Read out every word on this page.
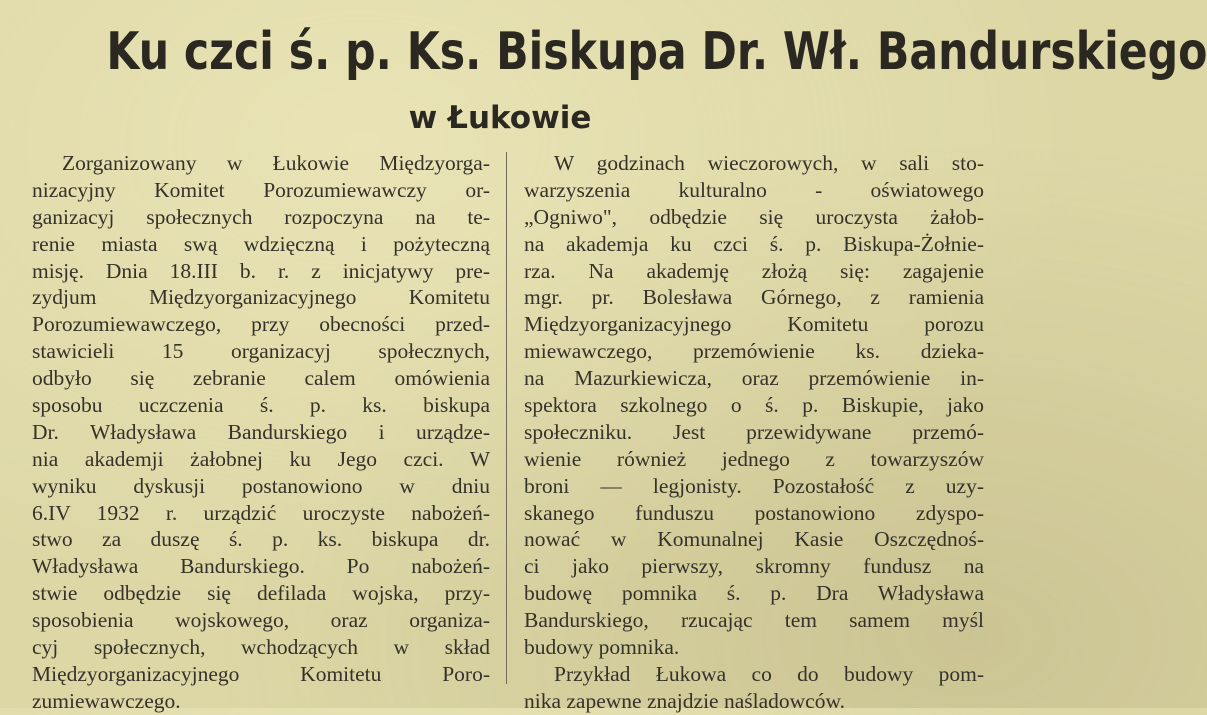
Ku czci ś. p. Ks. Biskupa Dr. Wł. Bandurskiego
w Łukowie
Zorganizowany w Łukowie Międzyorga-
nizacyjny Komitet Porozumiewawczy or-
ganizacyj społecznych rozpoczyna na te-
renie miasta swą wdzięczną i pożyteczną
misję. Dnia 18.III b. r. z inicjatywy pre-
zydjum Międzyorganizacyjnego Komitetu
Porozumiewawczego, przy obecności przed-
stawicieli 15 organizacyj społecznych,
odbyło się zebranie calem omówienia
sposobu uczczenia ś. p. ks. biskupa
Dr. Władysława Bandurskiego i urządze-
nia akademji żałobnej ku Jego czci. W
wyniku dyskusji postanowiono w dniu
6.IV 1932 r. urządzić uroczyste nabożeń-
stwo za duszę ś. p. ks. biskupa dr.
Władysława Bandurskiego. Po nabożeń-
stwie odbędzie się defilada wojska, przy-
sposobienia wojskowego, oraz organiza-
cyj społecznych, wchodzących w skład
Międzyorganizacyjnego Komitetu Poro-
zumiewawczego.
W godzinach wieczorowych, w sali sto-
warzyszenia kulturalno - oświatowego
„Ogniwo", odbędzie się uroczysta żałob-
na akademja ku czci ś. p. Biskupa-Żołnie-
rza. Na akademję złożą się: zagajenie
mgr. pr. Bolesława Górnego, z ramienia
Międzyorganizacyjnego Komitetu porozu
miewawczego, przemówienie ks. dzieka-
na Mazurkiewicza, oraz przemówienie in-
spektora szkolnego o ś. p. Biskupie, jako
społeczniku. Jest przewidywane przemó-
wienie również jednego z towarzyszów
broni — legjonisty. Pozostałość z uzy-
skanego funduszu postanowiono zdyspo-
nować w Komunalnej Kasie Oszczędnoś-
ci jako pierwszy, skromny fundusz na
budowę pomnika ś. p. Dra Władysława
Bandurskiego, rzucając tem samem myśl
budowy pomnika.
Przykład Łukowa co do budowy pom-
nika zapewne znajdzie naśladowców.
